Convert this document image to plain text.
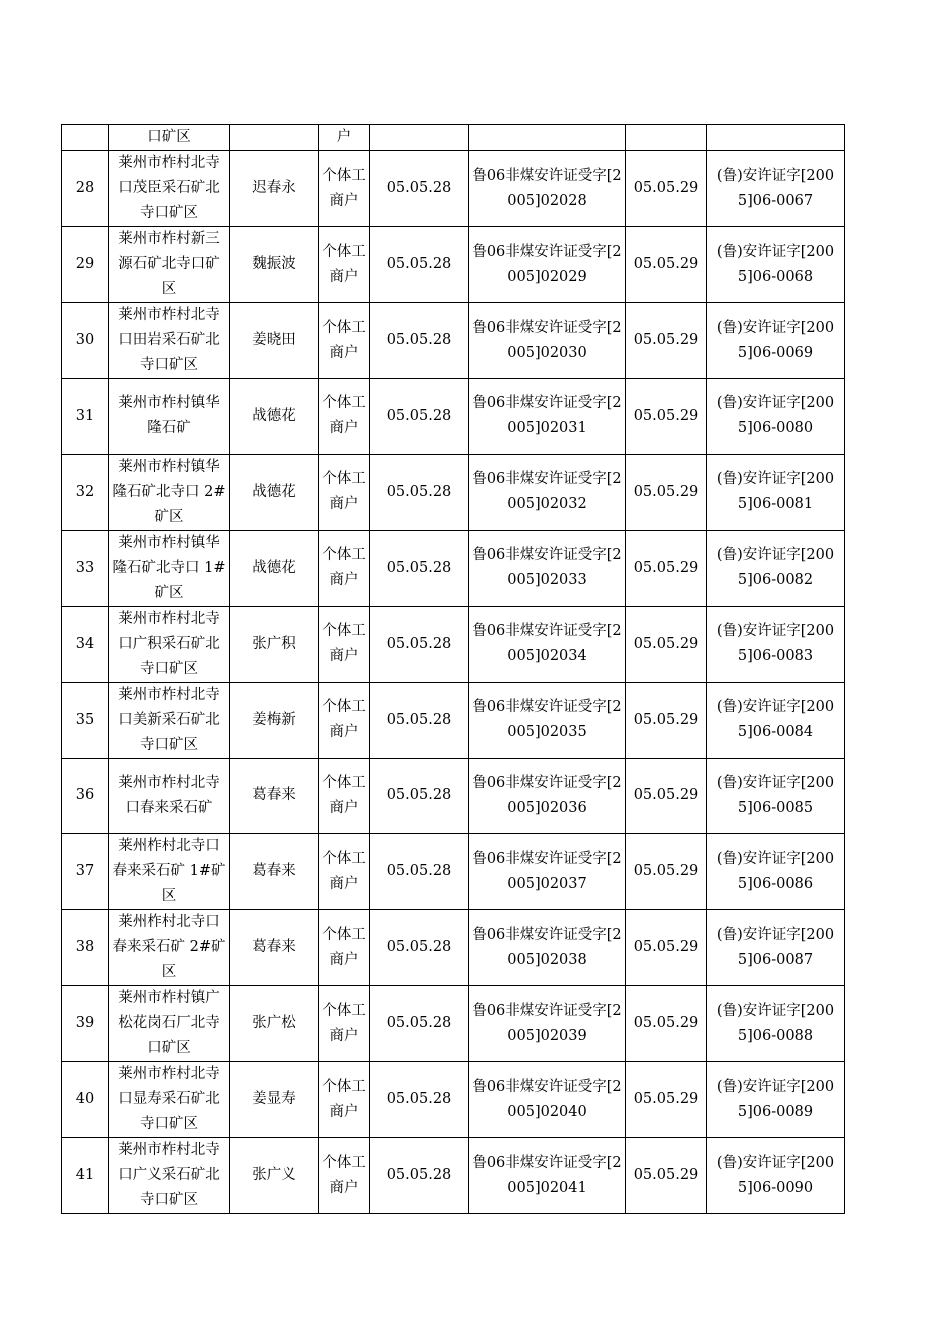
	口矿区		户				
28	莱州市柞村北寺口茂臣采石矿北寺口矿区	迟春永	个体工商户	05.05.28	鲁06非煤安许证受字[2005]02028	05.05.29	(鲁)安许证字[2005]06-0067
29	莱州市柞村新三源石矿北寺口矿区	魏振波	个体工商户	05.05.28	鲁06非煤安许证受字[2005]02029	05.05.29	(鲁)安许证字[2005]06-0068
30	莱州市柞村北寺口田岩采石矿北寺口矿区	姜晓田	个体工商户	05.05.28	鲁06非煤安许证受字[2005]02030	05.05.29	(鲁)安许证字[2005]06-0069
31	莱州市柞村镇华隆石矿	战德花	个体工商户	05.05.28	鲁06非煤安许证受字[2005]02031	05.05.29	(鲁)安许证字[2005]06-0080
32	莱州市柞村镇华隆石矿北寺口 2#矿区	战德花	个体工商户	05.05.28	鲁06非煤安许证受字[2005]02032	05.05.29	(鲁)安许证字[2005]06-0081
33	莱州市柞村镇华隆石矿北寺口 1#矿区	战德花	个体工商户	05.05.28	鲁06非煤安许证受字[2005]02033	05.05.29	(鲁)安许证字[2005]06-0082
34	莱州市柞村北寺口广积采石矿北寺口矿区	张广积	个体工商户	05.05.28	鲁06非煤安许证受字[2005]02034	05.05.29	(鲁)安许证字[2005]06-0083
35	莱州市柞村北寺口美新采石矿北寺口矿区	姜梅新	个体工商户	05.05.28	鲁06非煤安许证受字[2005]02035	05.05.29	(鲁)安许证字[2005]06-0084
36	莱州市柞村北寺口春来采石矿	葛春来	个体工商户	05.05.28	鲁06非煤安许证受字[2005]02036	05.05.29	(鲁)安许证字[2005]06-0085
37	莱州柞村北寺口春来采石矿 1#矿区	葛春来	个体工商户	05.05.28	鲁06非煤安许证受字[2005]02037	05.05.29	(鲁)安许证字[2005]06-0086
38	莱州柞村北寺口春来采石矿 2#矿区	葛春来	个体工商户	05.05.28	鲁06非煤安许证受字[2005]02038	05.05.29	(鲁)安许证字[2005]06-0087
39	莱州市柞村镇广松花岗石厂北寺口矿区	张广松	个体工商户	05.05.28	鲁06非煤安许证受字[2005]02039	05.05.29	(鲁)安许证字[2005]06-0088
40	莱州市柞村北寺口显寿采石矿北寺口矿区	姜显寿	个体工商户	05.05.28	鲁06非煤安许证受字[2005]02040	05.05.29	(鲁)安许证字[2005]06-0089
41	莱州市柞村北寺口广义采石矿北寺口矿区	张广义	个体工商户	05.05.28	鲁06非煤安许证受字[2005]02041	05.05.29	(鲁)安许证字[2005]06-0090
